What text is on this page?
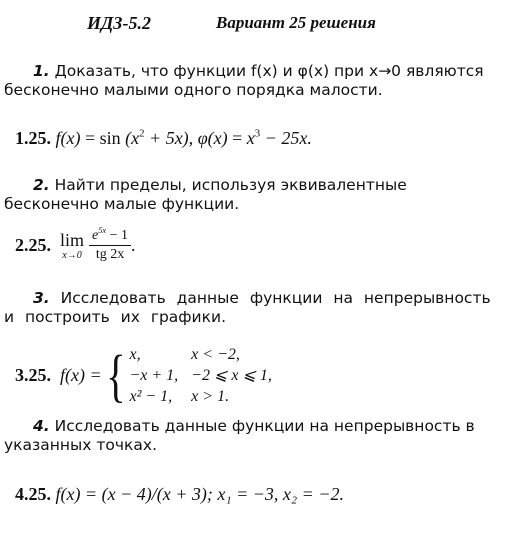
ИДЗ-5.2	Вариант 25 решения
1. Доказать, что функции f(x) и φ(x) при x→0 являются бесконечно малыми одного порядка малости.
1.25. $f(x) = \sin (x^2 + 5x)$, $\varphi(x) = x^3 - 25x$.
2. Найти пределы, используя эквивалентные бесконечно малые функции.
2.25. lim
$x\to 0 \frac{e^{5x} - 1}{tg 2x}$ .
3. Исследовать данные функции на непрерывность и построить их графики.
3.25. f(x) = { x,	x < −2,
−x + 1,	−2 ⩽ x ⩽ 1,
x² − 1,	x > 1.
4. Исследовать данные функции на непрерывность в указанных точках.
4.25. f(x) = (x − 4)/(x + 3); x₁ = −3, x₂ = −2.
